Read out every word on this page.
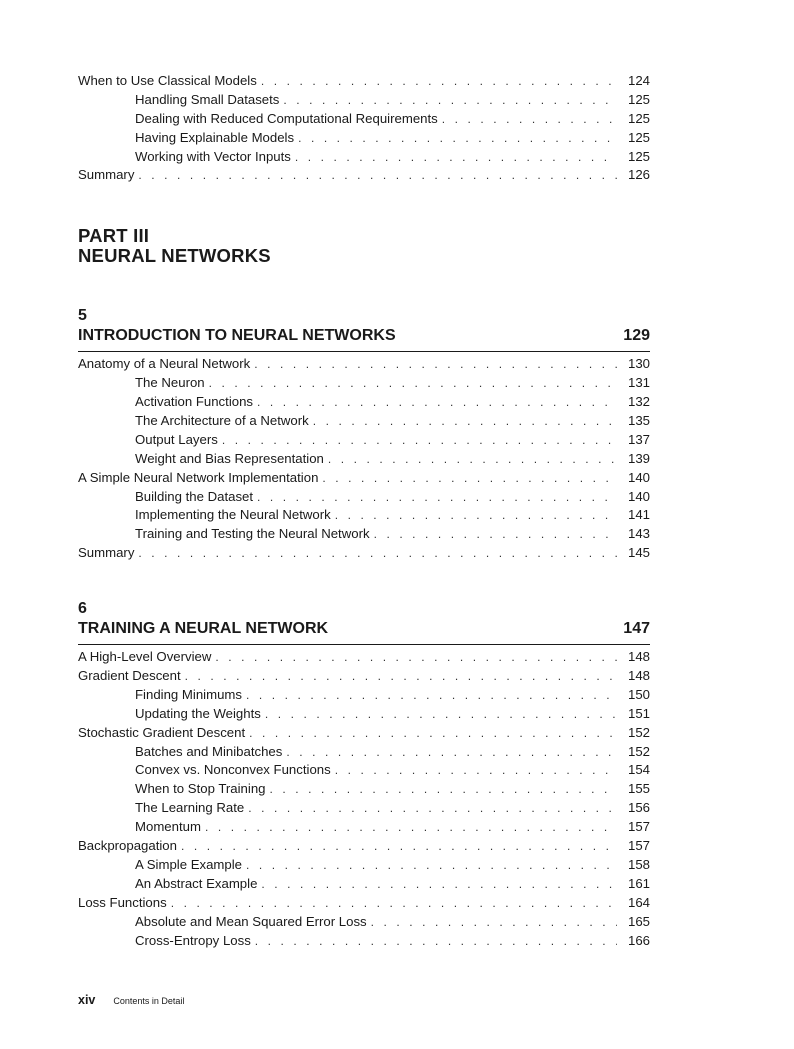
When to Use Classical Models . . .	124
Handling Small Datasets . . .	125
Dealing with Reduced Computational Requirements . . .	125
Having Explainable Models . . .	125
Working with Vector Inputs . . .	125
Summary . . .	126
PART III
NEURAL NETWORKS
5
INTRODUCTION TO NEURAL NETWORKS	129
Anatomy of a Neural Network . . .	130
The Neuron . . .	131
Activation Functions . . .	132
The Architecture of a Network . . .	135
Output Layers . . .	137
Weight and Bias Representation . . .	139
A Simple Neural Network Implementation . . .	140
Building the Dataset . . .	140
Implementing the Neural Network . . .	141
Training and Testing the Neural Network . . .	143
Summary . . .	145
6
TRAINING A NEURAL NETWORK	147
A High-Level Overview . . .	148
Gradient Descent . . .	148
Finding Minimums . . .	150
Updating the Weights . . .	151
Stochastic Gradient Descent . . .	152
Batches and Minibatches . . .	152
Convex vs. Nonconvex Functions . . .	154
When to Stop Training . . .	155
The Learning Rate . . .	156
Momentum . . .	157
Backpropagation . . .	157
A Simple Example . . .	158
An Abstract Example . . .	161
Loss Functions . . .	164
Absolute and Mean Squared Error Loss . . .	165
Cross-Entropy Loss . . .	166
xiv Contents in Detail
